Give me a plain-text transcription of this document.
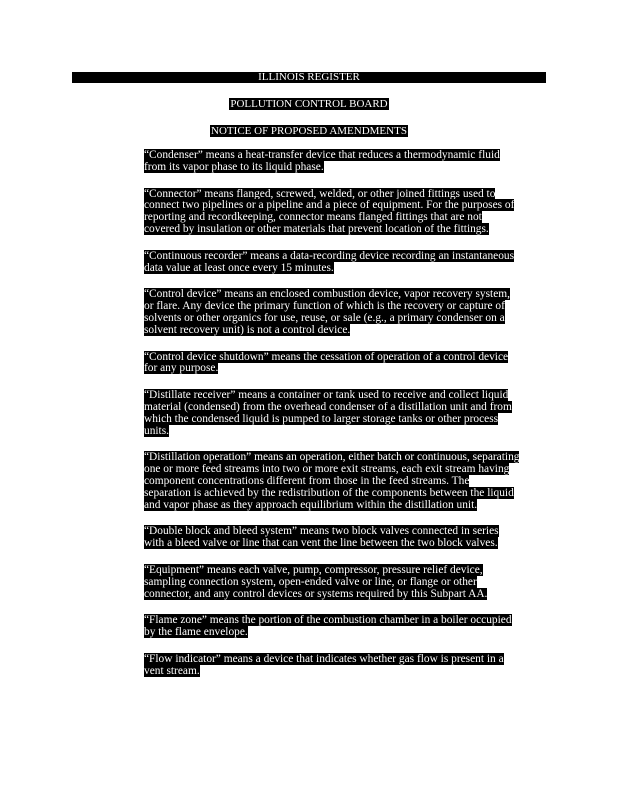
ILLINOIS REGISTER
POLLUTION CONTROL BOARD
NOTICE OF PROPOSED AMENDMENTS
“Condenser” means a heat-transfer device that reduces a thermodynamic fluid
from its vapor phase to its liquid phase.
“Connector” means flanged, screwed, welded, or other joined fittings used to
connect two pipelines or a pipeline and a piece of equipment. For the purposes of
reporting and recordkeeping, connector means flanged fittings that are not
covered by insulation or other materials that prevent location of the fittings.
“Continuous recorder” means a data-recording device recording an instantaneous
data value at least once every 15 minutes.
“Control device” means an enclosed combustion device, vapor recovery system,
or flare. Any device the primary function of which is the recovery or capture of
solvents or other organics for use, reuse, or sale (e.g., a primary condenser on a
solvent recovery unit) is not a control device.
“Control device shutdown” means the cessation of operation of a control device
for any purpose.
“Distillate receiver” means a container or tank used to receive and collect liquid
material (condensed) from the overhead condenser of a distillation unit and from
which the condensed liquid is pumped to larger storage tanks or other process
units.
“Distillation operation” means an operation, either batch or continuous, separating
one or more feed streams into two or more exit streams, each exit stream having
component concentrations different from those in the feed streams. The
separation is achieved by the redistribution of the components between the liquid
and vapor phase as they approach equilibrium within the distillation unit.
“Double block and bleed system” means two block valves connected in series
with a bleed valve or line that can vent the line between the two block valves.
“Equipment” means each valve, pump, compressor, pressure relief device,
sampling connection system, open-ended valve or line, or flange or other
connector, and any control devices or systems required by this Subpart AA.
“Flame zone” means the portion of the combustion chamber in a boiler occupied
by the flame envelope.
“Flow indicator” means a device that indicates whether gas flow is present in a
vent stream.
